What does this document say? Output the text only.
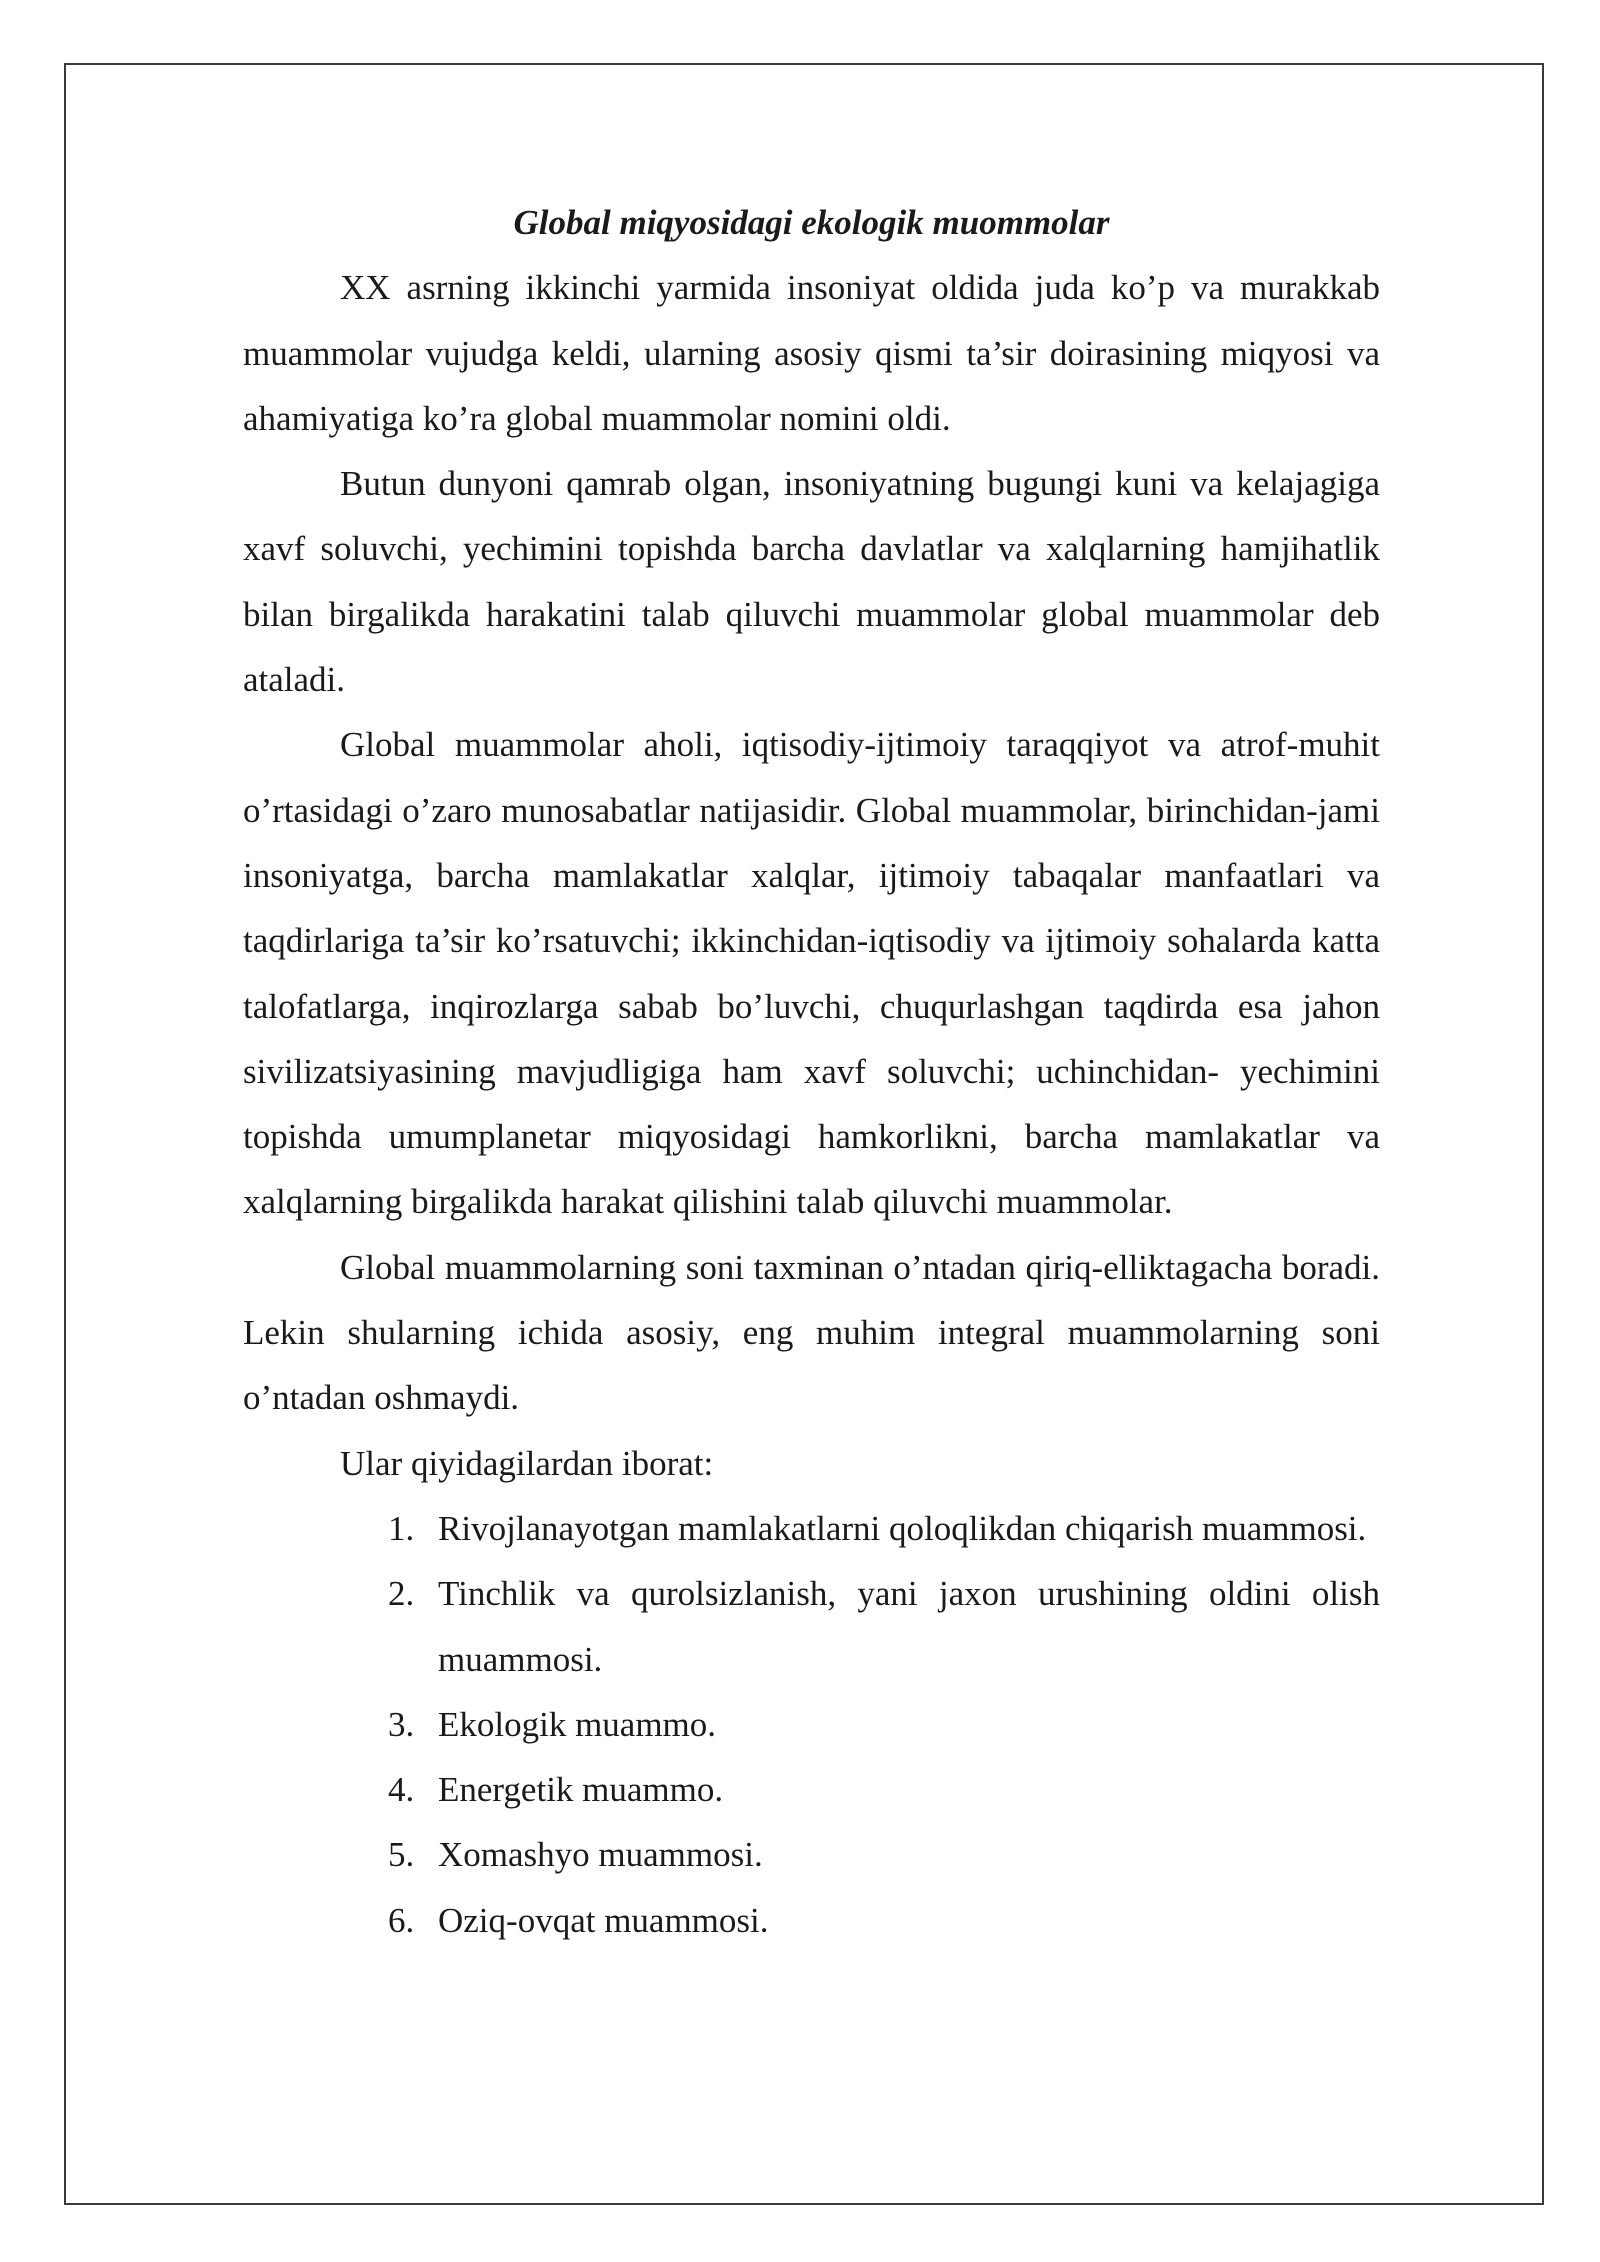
Global miqyosidagi ekologik muommolar

XX asrning ikkinchi yarmida insoniyat oldida juda ko’p va murakkab muammolar vujudga keldi, ularning asosiy qismi ta’sir doirasining miqyosi va ahamiyatiga ko’ra global muammolar nomini oldi.

Butun dunyoni qamrab olgan, insoniyatning bugungi kuni va kelajagiga xavf soluvchi, yechimini topishda barcha davlatlar va xalqlarning hamjihatlik bilan birgalikda harakatini talab qiluvchi muammolar global muammolar deb ataladi.

Global muammolar aholi, iqtisodiy-ijtimoiy taraqqiyot va atrof-muhit o’rtasidagi o’zaro munosabatlar natijasidir. Global muammolar, birinchidan-jami insoniyatga, barcha mamlakatlar xalqlar, ijtimoiy tabaqalar manfaatlari va taqdirlariga ta’sir ko’rsatuvchi; ikkinchidan-iqtisodiy va ijtimoiy sohalarda katta talofatlarga, inqirozlarga sabab bo’luvchi, chuqurlashgan taqdirda esa jahon sivilizatsiyasining mavjudligiga ham xavf soluvchi; uchinchidan- yechimini topishda umumplanetar miqyosidagi hamkorlikni, barcha mamlakatlar va xalqlarning birgalikda harakat qilishini talab qiluvchi muammolar.

Global muammolarning soni taxminan o’ntadan qiriq-elliktagacha boradi. Lekin shularning ichida asosiy, eng muhim integral muammolarning soni o’ntadan oshmaydi.

Ular qiyidagilardan iborat:

1. Rivojlanayotgan mamlakatlarni qoloqlikdan chiqarish muammosi.
2. Tinchlik va qurolsizlanish, yani jaxon urushining oldini olish muammosi.
3. Ekologik muammo.
4. Energetik muammo.
5. Xomashyo muammosi.
6. Oziq-ovqat muammosi.
